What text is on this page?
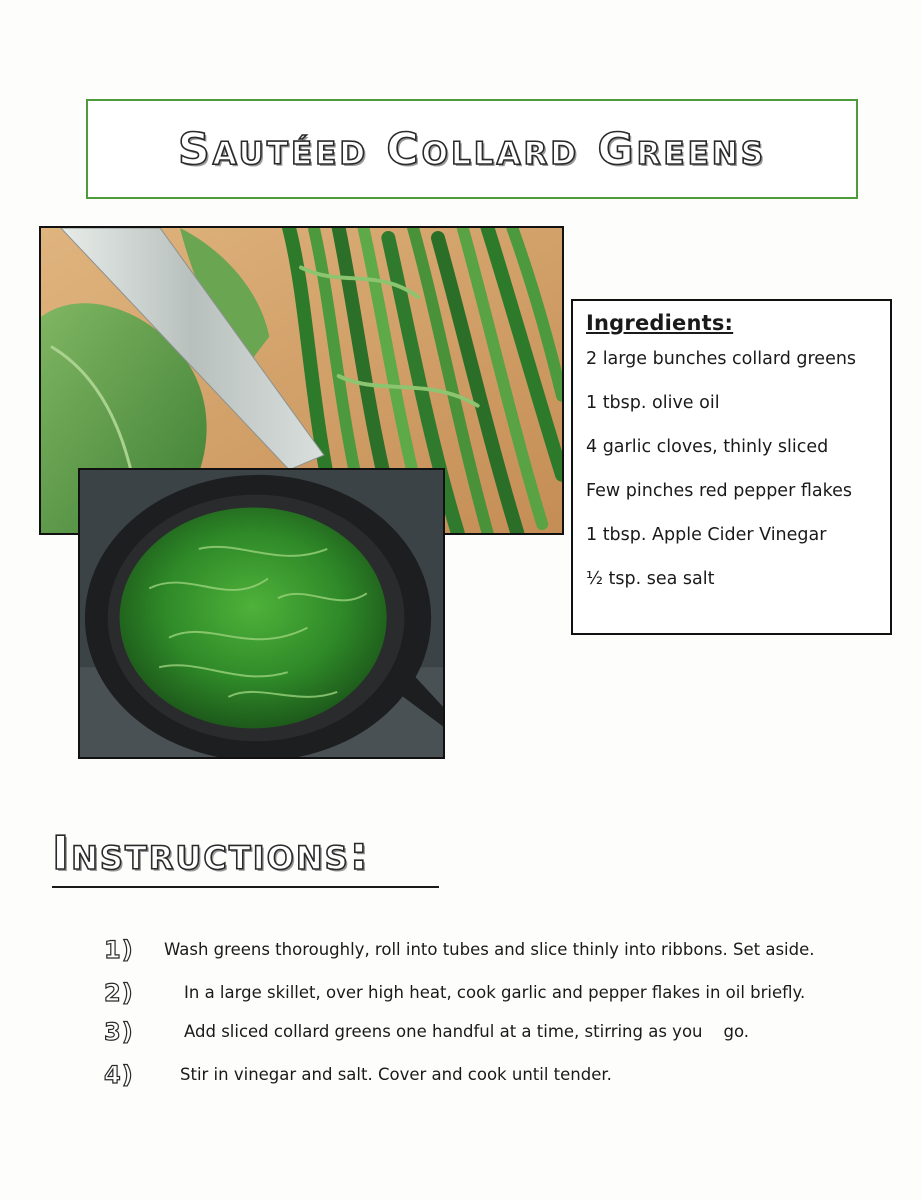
Sautéed Collard Greens
Ingredients:
2 large bunches collard greens
1 tbsp. olive oil
4 garlic cloves, thinly sliced
Few pinches red pepper flakes
1 tbsp. Apple Cider Vinegar
½ tsp. sea salt
Instructions:
1) Wash greens thoroughly, roll into tubes and slice thinly into ribbons. Set aside.
2)	In a large skillet, over high heat, cook garlic and pepper flakes in oil briefly.
3)	Add sliced collard greens one handful at a time, stirring as you    go.
4)	Stir in vinegar and salt. Cover and cook until tender.
